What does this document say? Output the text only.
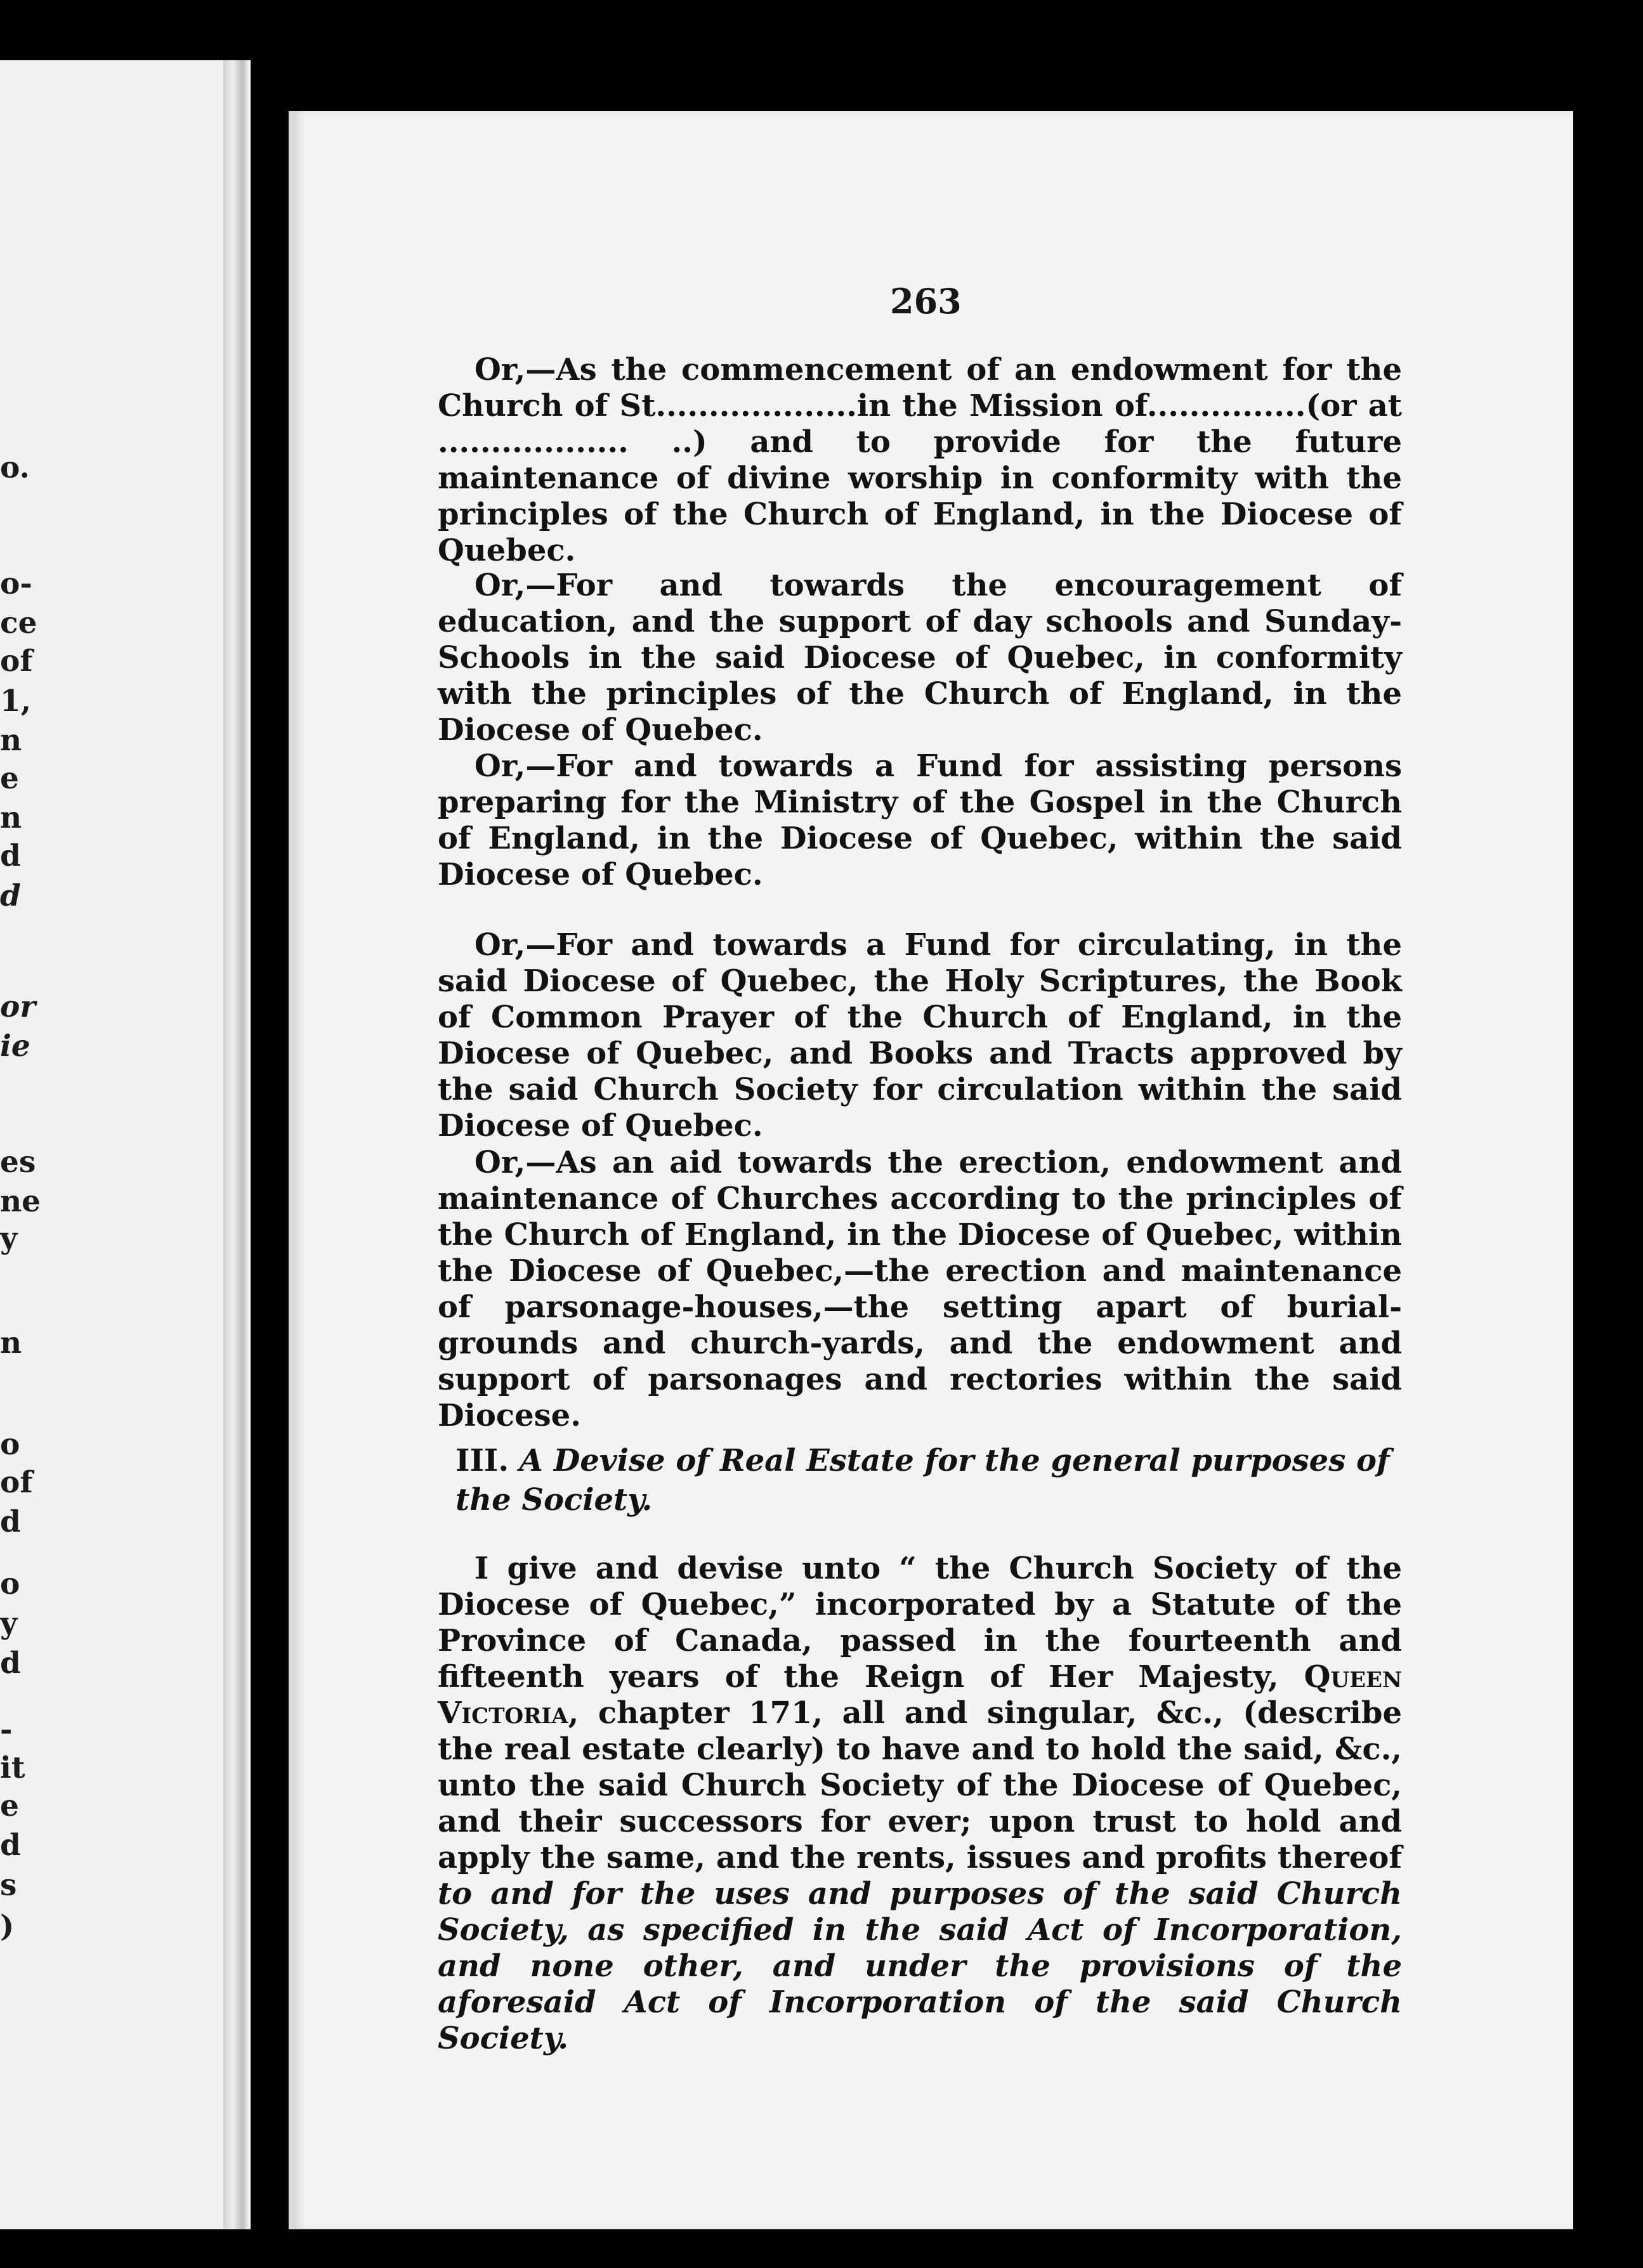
o.
o-
ce
of
1,
n
e
n
d
d
or
ie
es
ne
y
n
o
of
d
o
y
d
-
it
e
d
s
)
263
Or,—As the commencement of an endowment for the Church of St...................in the Mission of...............(or at .................. ..) and to provide for the future maintenance of divine worship in conformity with the principles of the Church of England, in the Diocese of Quebec.
Or,—For and towards the encouragement of education, and the support of day schools and Sunday-Schools in the said Diocese of Quebec, in conformity with the principles of the Church of England, in the Diocese of Quebec.
Or,—For and towards a Fund for assisting persons preparing for the Ministry of the Gospel in the Church of England, in the Diocese of Quebec, within the said Diocese of Quebec.
Or,—For and towards a Fund for circulating, in the said Diocese of Quebec, the Holy Scriptures, the Book of Common Prayer of the Church of England, in the Diocese of Quebec, and Books and Tracts approved by the said Church Society for circulation within the said Diocese of Quebec.
Or,—As an aid towards the erection, endowment and maintenance of Churches according to the principles of the Church of England, in the Diocese of Quebec, within the Diocese of Quebec,—the erection and maintenance of parsonage-houses,—the setting apart of burial-grounds and church-yards, and the endowment and support of parsonages and rectories within the said Diocese.
III. A Devise of Real Estate for the general purposes of the Society.
I give and devise unto “ the Church Society of the Diocese of Quebec,” incorporated by a Statute of the Province of Canada, passed in the fourteenth and fifteenth years of the Reign of Her Majesty, Queen Victoria, chapter 171, all and singular, &c., (describe the real estate clearly) to have and to hold the said, &c., unto the said Church Society of the Diocese of Quebec, and their successors for ever; upon trust to hold and apply the same, and the rents, issues and profits thereof to and for the uses and purposes of the said Church Society, as specified in the said Act of Incorporation, and none other, and under the provisions of the aforesaid Act of Incorporation of the said Church Society.
